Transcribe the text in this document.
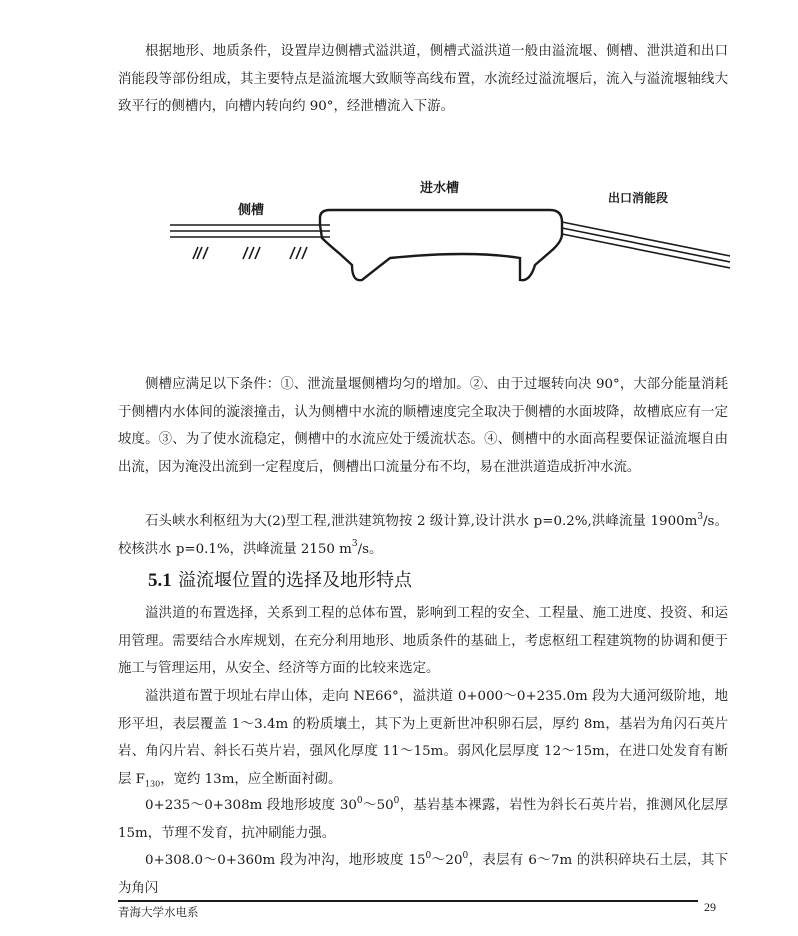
根据地形、地质条件，设置岸边侧槽式溢洪道，侧槽式溢洪道一般由溢流堰、侧槽、泄洪道和出口消能段等部份组成，其主要特点是溢流堰大致顺等高线布置，水流经过溢流堰后，流入与溢流堰轴线大致平行的侧槽内，向槽内转向约 90°，经泄槽流入下游。

侧槽
进水槽
出口消能段

侧槽应满足以下条件：①、泄流量堰侧槽均匀的增加。②、由于过堰转向决 90°，大部分能量消耗于侧槽内水体间的漩滚撞击，认为侧槽中水流的顺槽速度完全取决于侧槽的水面坡降，故槽底应有一定坡度。③、为了使水流稳定，侧槽中的水流应处于缓流状态。④、侧槽中的水面高程要保证溢流堰自由出流，因为淹没出流到一定程度后，侧槽出口流量分布不均，易在泄洪道造成折冲水流。

石头峡水利枢纽为大(2)型工程,泄洪建筑物按 2 级计算,设计洪水 p=0.2%,洪峰流量 $1900m^3/s$。校核洪水 p=0.1%，洪峰流量 2150 $m^3/s$。

5.1 溢流堰位置的选择及地形特点

溢洪道的布置选择，关系到工程的总体布置，影响到工程的安全、工程量、施工进度、投资、和运用管理。需要结合水库规划，在充分利用地形、地质条件的基础上，考虑枢纽工程建筑物的协调和便于施工与管理运用，从安全、经济等方面的比较来选定。

溢洪道布置于坝址右岸山体，走向 NE66°，溢洪道 0+000～0+235.0m 段为大通河级阶地，地形平坦，表层覆盖 1～3.4m 的粉质壤土，其下为上更新世冲积卵石层，厚约 8m，基岩为角闪石英片岩、角闪片岩、斜长石英片岩，强风化厚度 11～15m。弱风化层厚度 12～15m，在进口处发育有断层 $F_{130}$，宽约 13m，应全断面衬砌。

0+235～0+308m 段地形坡度 $30^0\sim 50^0$，基岩基本裸露，岩性为斜长石英片岩，推测风化层厚 15m，节理不发育，抗冲刷能力强。

0+308.0～0+360m 段为冲沟，地形坡度 $15^0\sim 20^0$，表层有 6～7m 的洪积碎块石土层，其下为角闪

青海大学水电系	29
